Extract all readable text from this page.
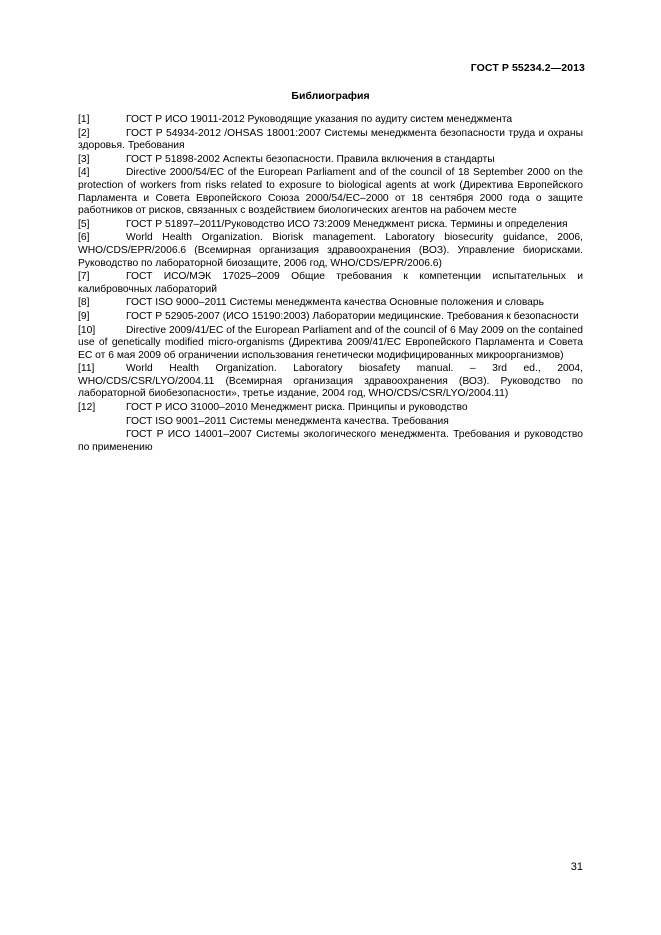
ГОСТ Р 55234.2—2013
Библиография
[1]	ГОСТ Р ИСО 19011-2012 Руководящие указания по аудиту систем менеджмента
[2]	ГОСТ Р 54934-2012 /OHSAS 18001:2007 Системы менеджмента безопасности труда и охраны здоровья. Требования
[3]	ГОСТ Р 51898-2002 Аспекты безопасности. Правила включения в стандарты
[4]	Directive 2000/54/EC of the European Parliament and of the council of 18 September 2000 on the protection of workers from risks related to exposure to biological agents at work (Директива Европейского Парламента и Совета Европейского Союза 2000/54/EC–2000 от 18 сентября 2000 года о защите работников от рисков, связанных с воздействием биологических агентов на рабочем месте
[5]	ГОСТ Р 51897–2011/Руководство ИСО 73:2009 Менеджмент риска. Термины и определения
[6]	World Health Organization. Biorisk management. Laboratory biosecurity guidance, 2006, WHO/CDS/EPR/2006.6 (Всемирная организация здравоохранения (ВОЗ). Управление биорисками. Руководство по лабораторной биозащите, 2006 год, WHO/CDS/EPR/2006.6)
[7]	ГОСТ ИСО/МЭК 17025–2009 Общие требования к компетенции испытательных и калибровочных лабораторий
[8]	ГОСТ ISO 9000–2011 Системы менеджмента качества Основные положения и словарь
[9]	ГОСТ Р 52905-2007 (ИСО 15190:2003) Лаборатории медицинские. Требования к безопасности
[10]	Directive 2009/41/EC of the European Parliament and of the council of 6 May 2009 on the contained use of genetically modified micro-organisms (Директива 2009/41/EC Европейского Парламента и Совета ЕС от 6 мая 2009 об ограничении использования генетически модифицированных микроорганизмов)
[11]	World Health Organization. Laboratory biosafety manual. – 3rd ed., 2004, WHO/CDS/CSR/LYO/2004.11 (Всемирная организация здравоохранения (ВОЗ). Руководство по лабораторной биобезопасности», третье издание, 2004 год, WHO/CDS/CSR/LYO/2004.11)
[12]	ГОСТ Р ИСО 31000–2010 Менеджмент риска. Принципы и руководство
ГОСТ ISO 9001–2011 Системы менеджмента качества. Требования
ГОСТ Р ИСО 14001–2007 Системы экологического менеджмента. Требования и руководство по применению
31
